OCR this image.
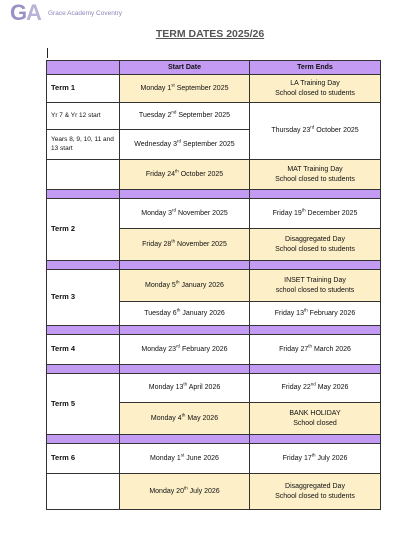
G
A Grace Academy Coventry
TERM DATES 2025/26
	Start Date	Term Ends
Term 1	Monday 1st September 2025	LA Training Day
School closed to students
Yr 7 & Yr 12 start	Tuesday 2nd September 2025	Thursday 23rd October 2025
Years 8, 9, 10, 11 and 13 start	Wednesday 3rd September 2025	
	Friday 24th October 2025	MAT Training Day
School closed to students

Term 2	Monday 3rd November 2025	Friday 19th December 2025
	Friday 28th November 2025	Disaggregated Day
School closed to students

Term 3	Monday 5th January 2026	INSET Training Day
school closed to students
	Tuesday 6th January 2026	Friday 13th February 2026

Term 4	Monday 23rd February 2026	Friday 27th March 2026

Term 5	Monday 13th April 2026	Friday 22nd May 2026
	Monday 4th May 2026	BANK HOLIDAY
School closed

Term 6	Monday 1st June 2026	Friday 17th July 2026
	Monday 20th July 2026	Disaggregated Day
School closed to students
